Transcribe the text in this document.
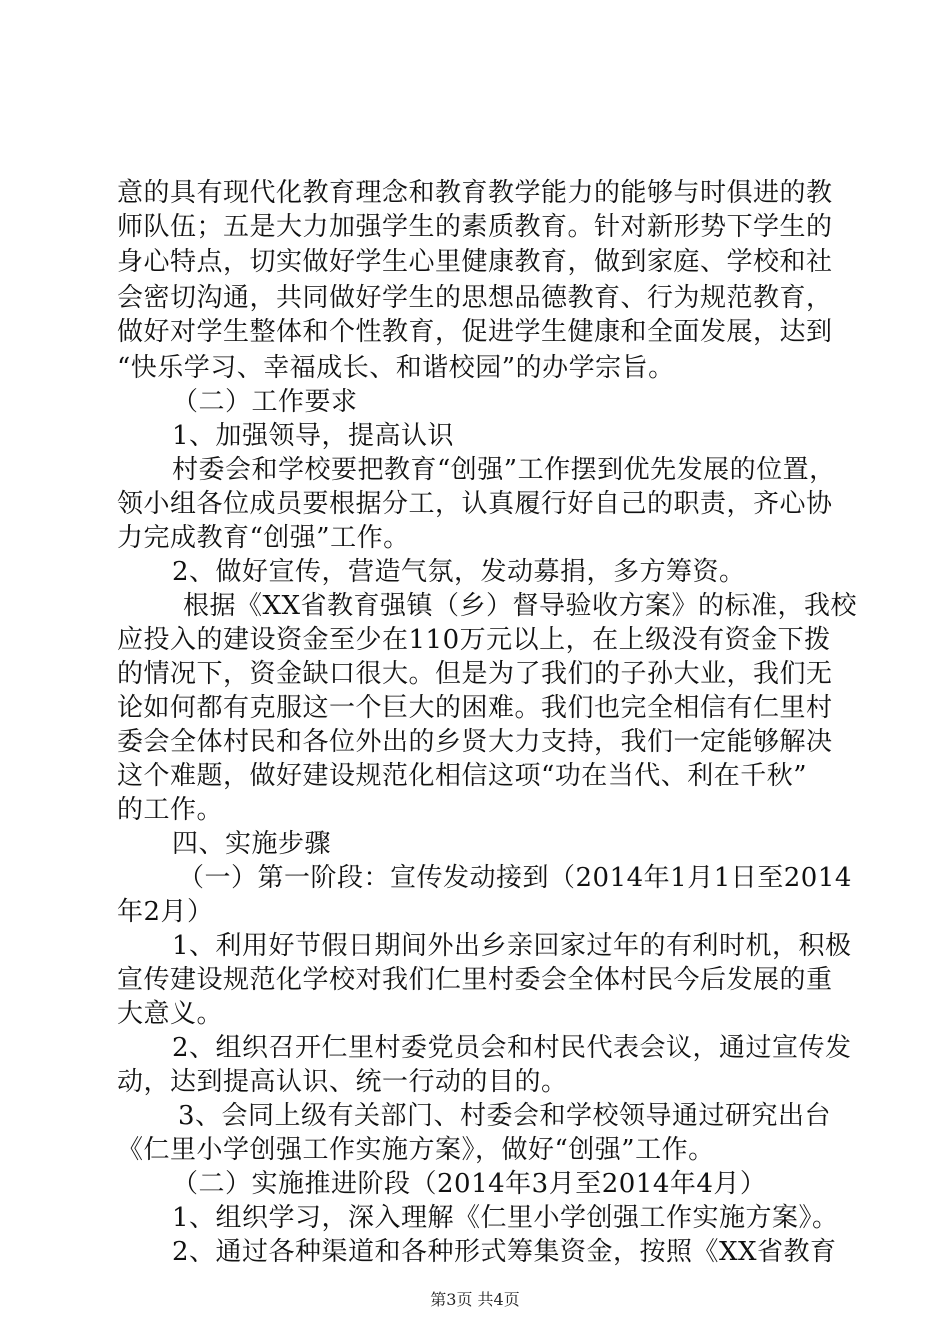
意的具有现代化教育理念和教育教学能力的能够与时俱进的教
师队伍；五是大力加强学生的素质教育。针对新形势下学生的
身心特点，切实做好学生心里健康教育，做到家庭、学校和社
会密切沟通，共同做好学生的思想品德教育、行为规范教育，
做好对学生整体和个性教育，促进学生健康和全面发展，达到
“快乐学习、幸福成长、和谐校园”的办学宗旨。
（二）工作要求
1、加强领导，提高认识
村委会和学校要把教育“创强”工作摆到优先发展的位置，
领小组各位成员要根据分工，认真履行好自己的职责，齐心协
力完成教育“创强”工作。
2、做好宣传，营造气氛，发动募捐，多方筹资。
根据《XX省教育强镇（乡）督导验收方案》的标准，我校
应投入的建设资金至少在110万元以上，在上级没有资金下拨
的情况下，资金缺口很大。但是为了我们的子孙大业，我们无
论如何都有克服这一个巨大的困难。我们也完全相信有仁里村
委会全体村民和各位外出的乡贤大力支持，我们一定能够解决
这个难题，做好建设规范化相信这项“功在当代、利在千秋”
的工作。
四、实施步骤
（一）第一阶段：宣传发动接到（2014年1月1日至2014
年2月）
1、利用好节假日期间外出乡亲回家过年的有利时机，积极
宣传建设规范化学校对我们仁里村委会全体村民今后发展的重
大意义。
2、组织召开仁里村委党员会和村民代表会议，通过宣传发
动，达到提高认识、统一行动的目的。
3、会同上级有关部门、村委会和学校领导通过研究出台
《仁里小学创强工作实施方案》，做好“创强”工作。
（二）实施推进阶段（2014年3月至2014年4月）
1、组织学习，深入理解《仁里小学创强工作实施方案》。
2、通过各种渠道和各种形式筹集资金，按照《XX省教育
第3页 共4页
